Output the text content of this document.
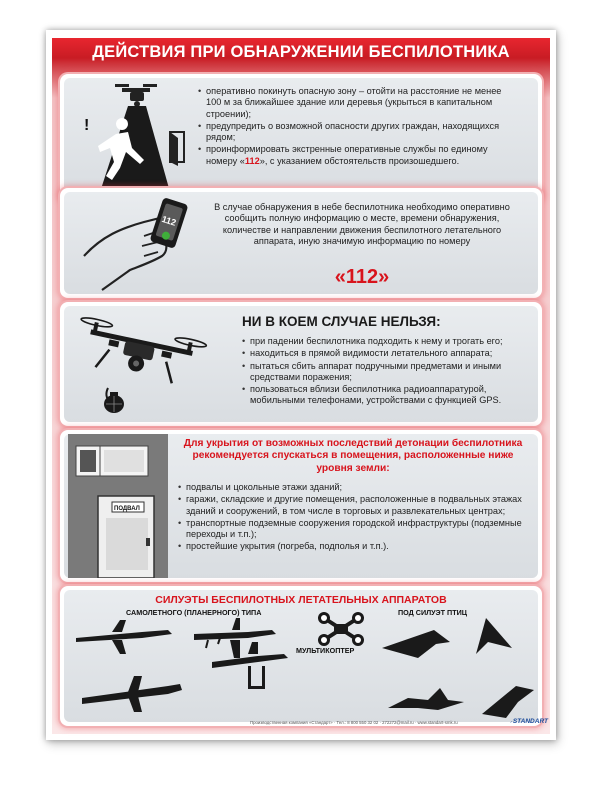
ДЕЙСТВИЯ ПРИ ОБНАРУЖЕНИИ БЕСПИЛОТНИКА
!
• оперативно покинуть опасную зону – отойти на расстояние не менее 100 м за ближайшее здание или деревья (укрыться в капитальном строении);
• предупредить о возможной опасности других граждан, находящихся рядом;
• проинформировать экстренные оперативные службы по единому номеру «112», с указанием обстоятельств произошедшего.
112
В случае обнаружения в небе беспилотника необходимо оперативно сообщить полную информацию о месте, времени обнаружения, количестве и направлении движения беспилотного летательного аппарата, иную значимую информацию по номеру
«112»
НИ В КОЕМ СЛУЧАЕ НЕЛЬЗЯ:
• при падении беспилотника подходить к нему и трогать его;
• находиться в прямой видимости летательного аппарата;
• пытаться сбить аппарат подручными предметами и иными средствами поражения;
• пользоваться вблизи беспилотника радиоаппаратурой, мобильными телефонами, устройствами с функцией GPS.
ПОДВАЛ
Для укрытия от возможных последствий детонации беспилотника рекомендуется спускаться в помещения, расположенные ниже уровня земли:
• подвалы и цокольные этажи зданий;
• гаражи, складские и другие помещения, расположенные в подвальных этажах зданий и сооружений, в том числе в торговых и развлекательных центрах;
• транспортные подземные сооружения городской инфраструктуры (подземные переходы и т.п.);
• простейшие укрытия (погреба, подполья и т.п.).
СИЛУЭТЫ БЕСПИЛОТНЫХ ЛЕТАТЕЛЬНЫХ АППАРАТОВ
САМОЛЕТНОГО (ПЛАНЕРНОГО) ТИПА
МУЛЬТИКОПТЕР
ПОД СИЛУЭТ ПТИЦ
Производственная компания «Стандарт» · Тел.: 8 800 550 32 02 · 272272@mail.ru · www.standart-smk.ru	STANDART
